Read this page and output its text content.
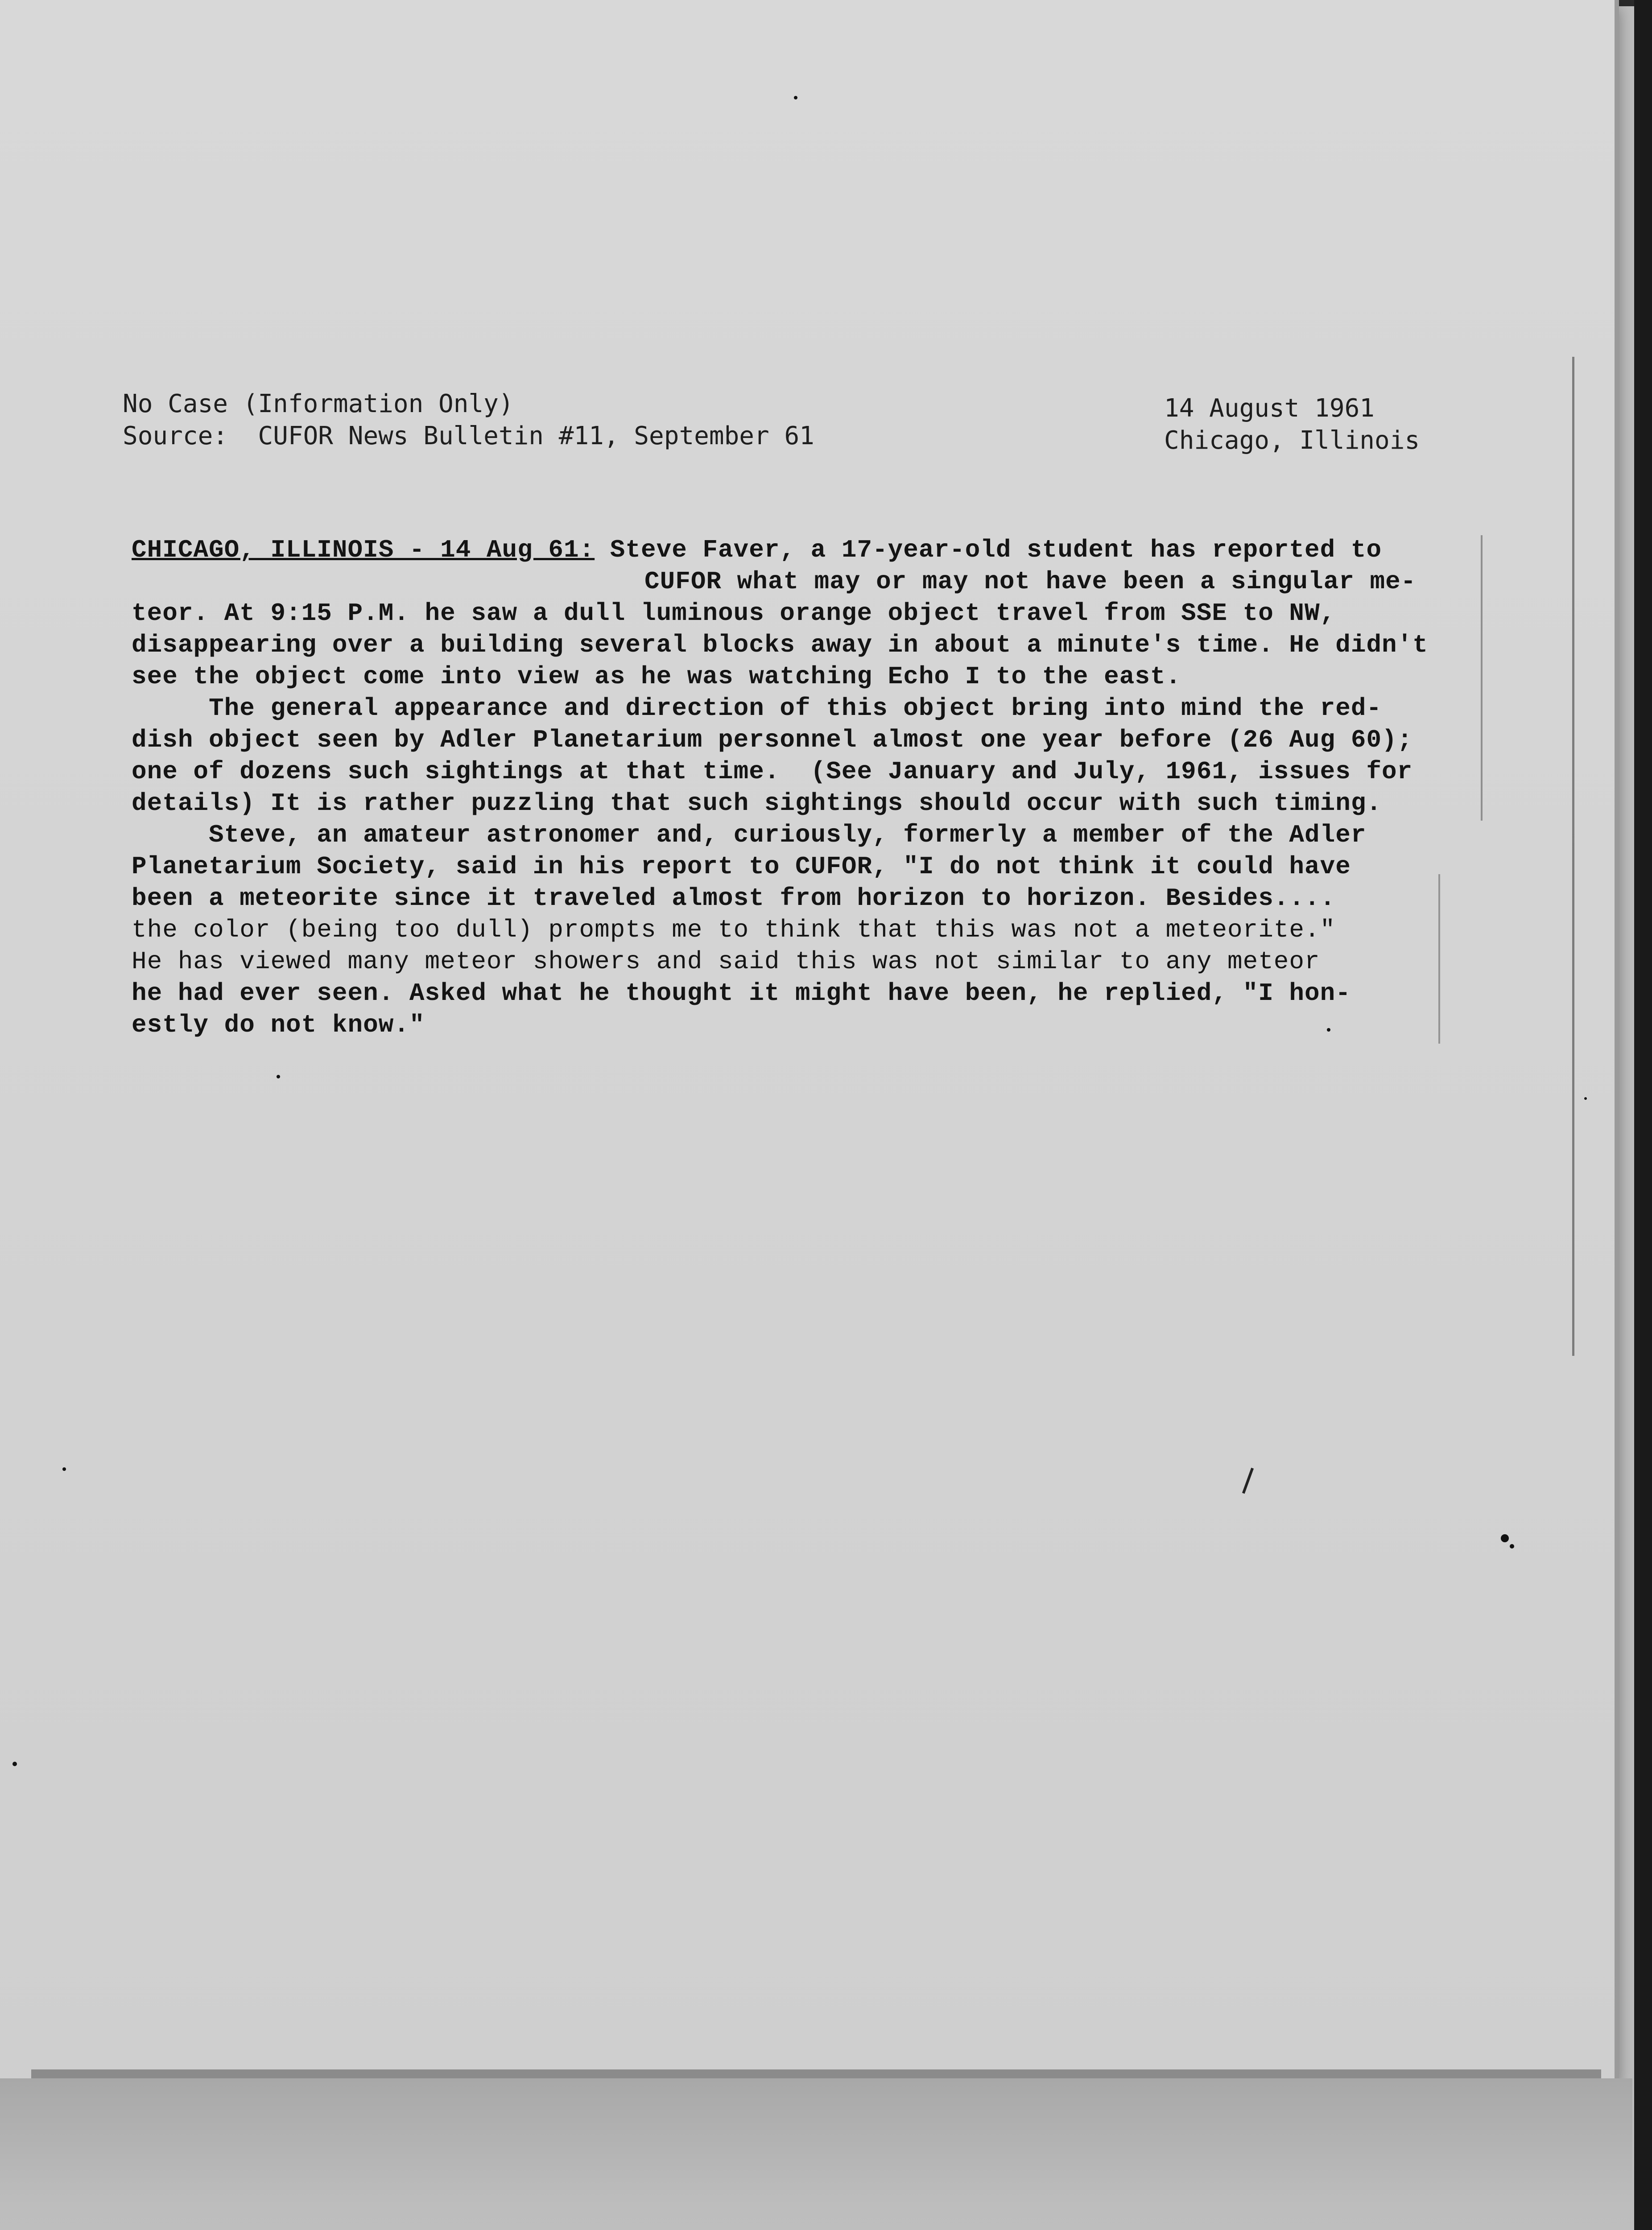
No Case (Information Only)
Source:  CUFOR News Bulletin #11, September 61
14 August 1961
Chicago, Illinois
CHICAGO, ILLINOIS - 14 Aug 61: Steve Faver, a 17-year-old student has reported to
CUFOR what may or may not have been a singular me-
teor. At 9:15 P.M. he saw a dull luminous orange object travel from SSE to NW,
disappearing over a building several blocks away in about a minute's time. He didn't
see the object come into view as he was watching Echo I to the east.
The general appearance and direction of this object bring into mind the red-
dish object seen by Adler Planetarium personnel almost one year before (26 Aug 60);
one of dozens such sightings at that time.  (See January and July, 1961, issues for
details) It is rather puzzling that such sightings should occur with such timing.
Steve, an amateur astronomer and, curiously, formerly a member of the Adler
Planetarium Society, said in his report to CUFOR, "I do not think it could have
been a meteorite since it traveled almost from horizon to horizon. Besides....
the color (being too dull) prompts me to think that this was not a meteorite."
He has viewed many meteor showers and said this was not similar to any meteor
he had ever seen. Asked what he thought it might have been, he replied, "I hon-
estly do not know."
